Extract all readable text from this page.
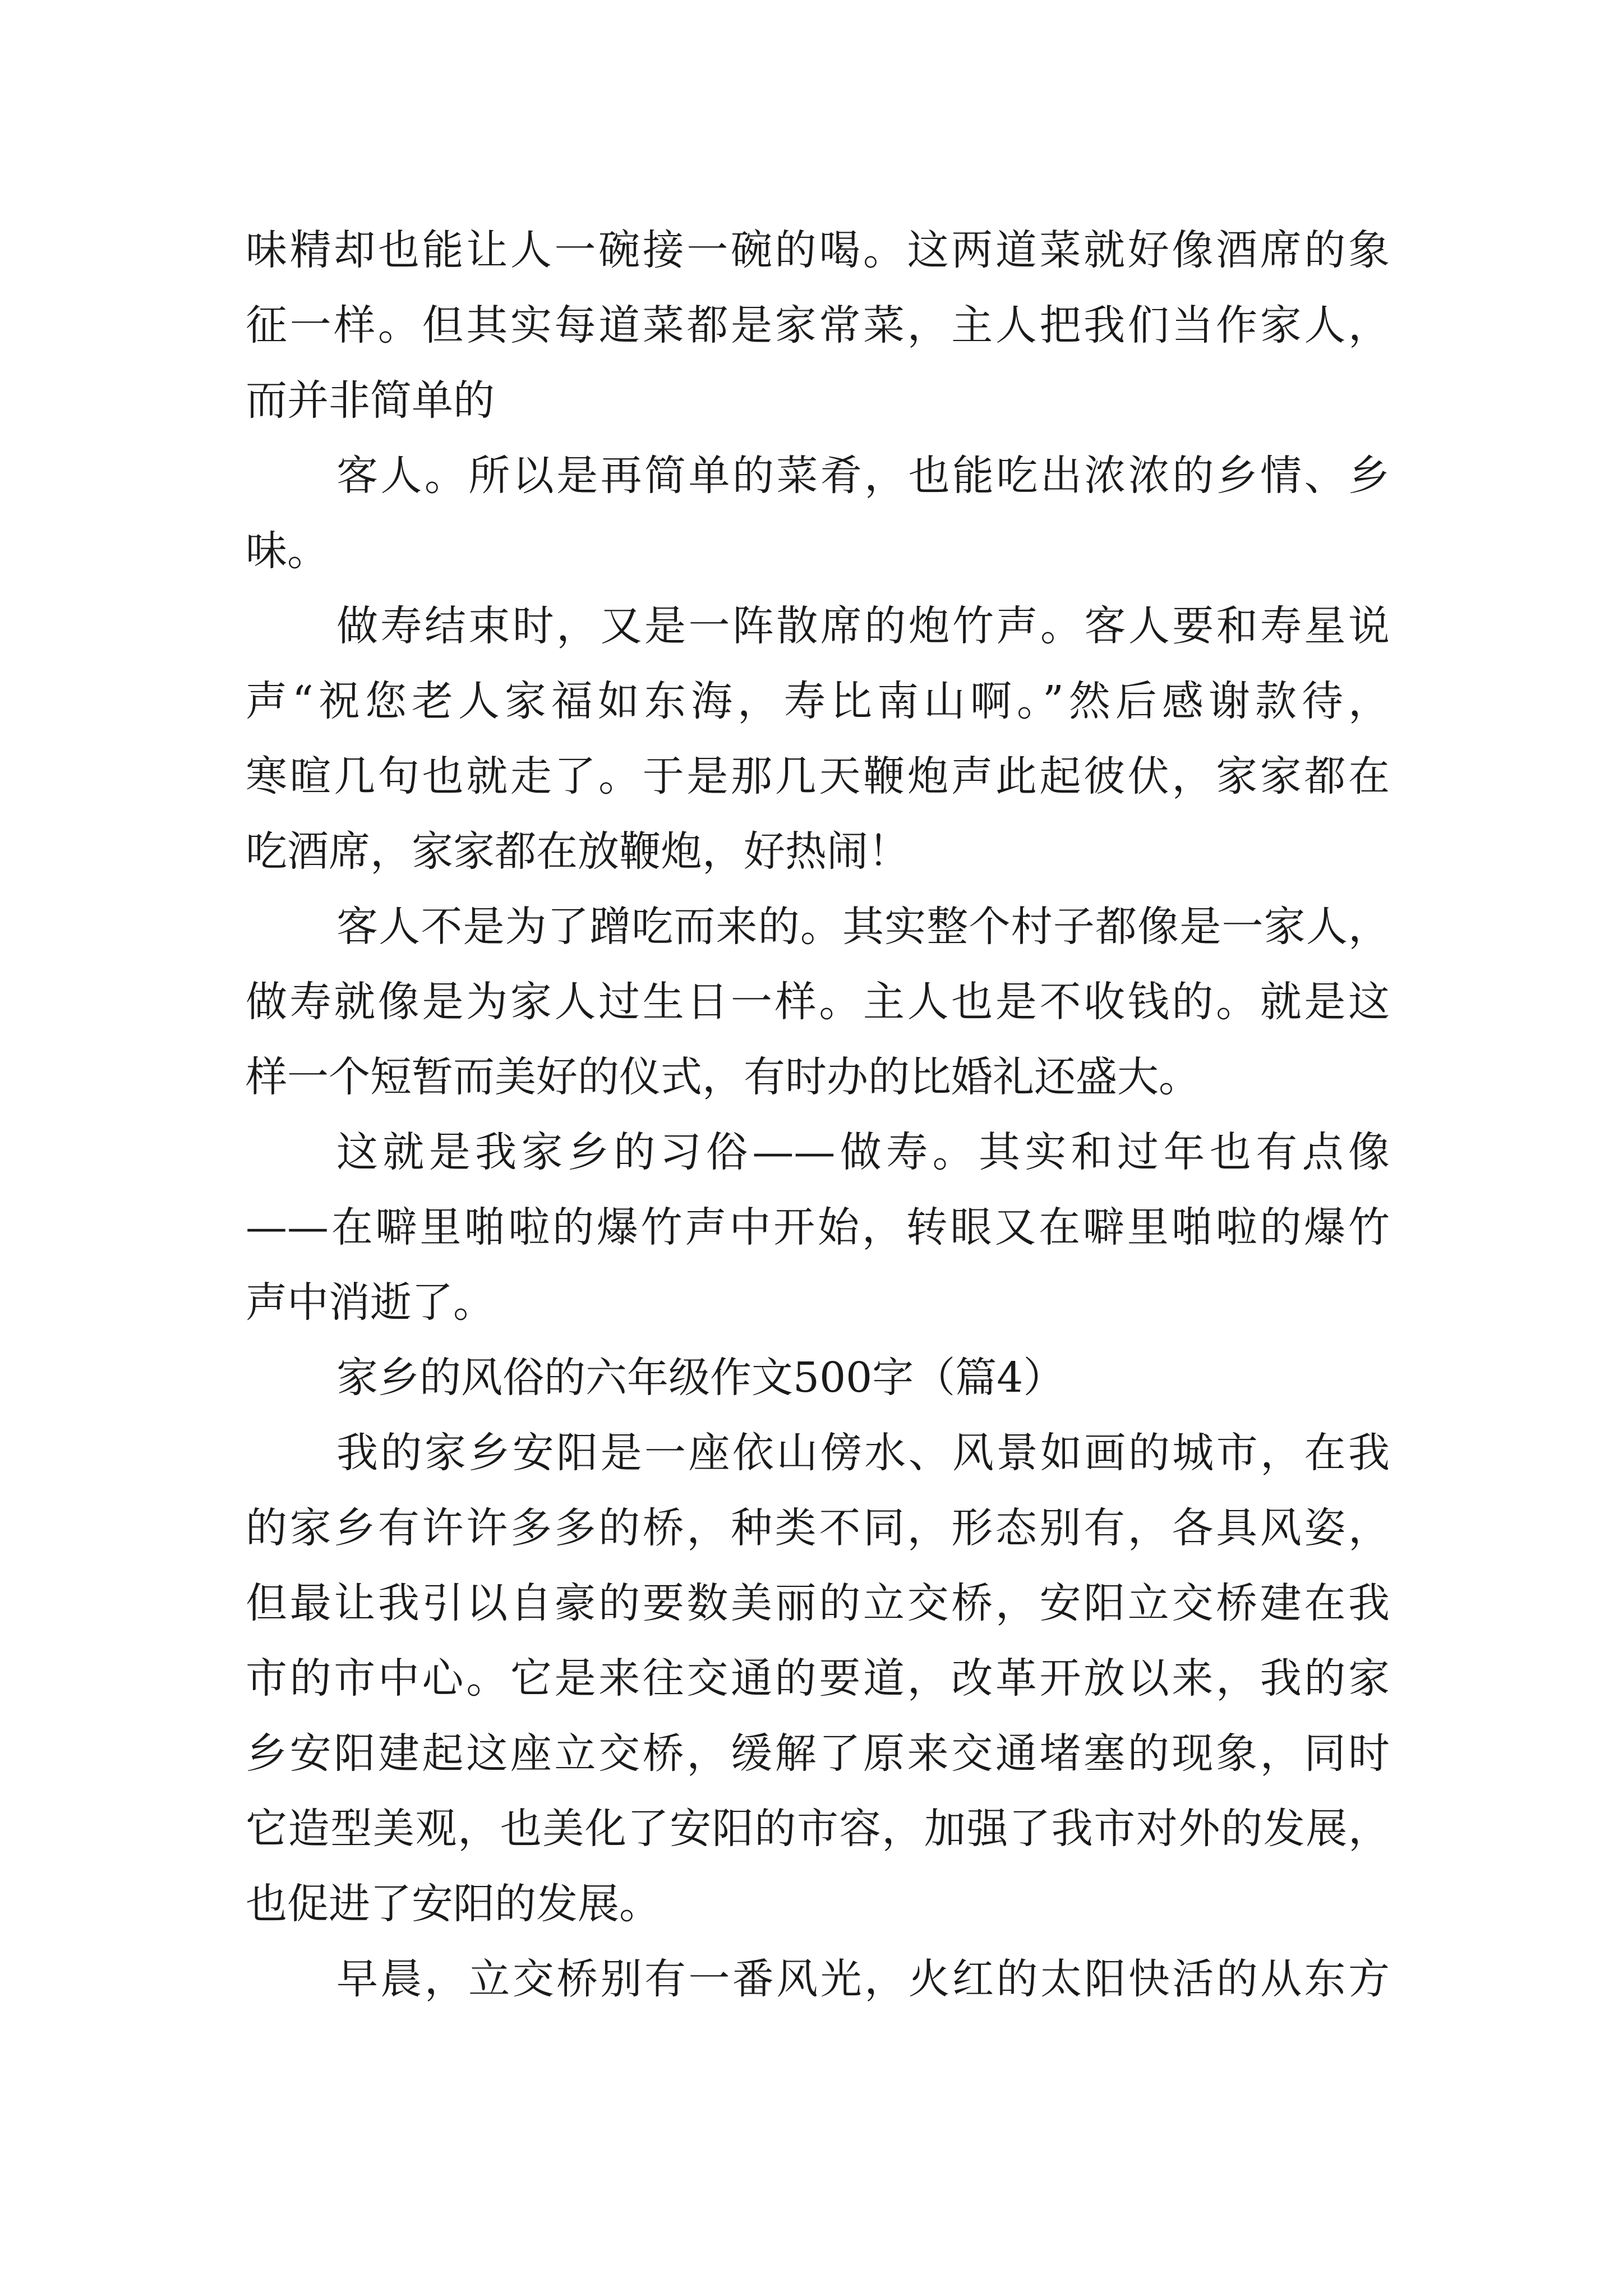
味精却也能让人一碗接一碗的喝。这两道菜就好像酒席的象
征一样。但其实每道菜都是家常菜，主人把我们当作家人，
而并非简单的
客人。所以是再简单的菜肴，也能吃出浓浓的乡情、乡
味。
做寿结束时，又是一阵散席的炮竹声。客人要和寿星说
声“祝您老人家福如东海，寿比南山啊。”然后感谢款待，
寒暄几句也就走了。于是那几天鞭炮声此起彼伏，家家都在
吃酒席，家家都在放鞭炮，好热闹！
客人不是为了蹭吃而来的。其实整个村子都像是一家人，
做寿就像是为家人过生日一样。主人也是不收钱的。就是这
样一个短暂而美好的仪式，有时办的比婚礼还盛大。
这就是我家乡的习俗——做寿。其实和过年也有点像
——在噼里啪啦的爆竹声中开始，转眼又在噼里啪啦的爆竹
声中消逝了。
家乡的风俗的六年级作文500字（篇4）
我的家乡安阳是一座依山傍水、风景如画的城市，在我
的家乡有许许多多的桥，种类不同，形态别有，各具风姿，
但最让我引以自豪的要数美丽的立交桥，安阳立交桥建在我
市的市中心。它是来往交通的要道，改革开放以来，我的家
乡安阳建起这座立交桥，缓解了原来交通堵塞的现象，同时
它造型美观，也美化了安阳的市容，加强了我市对外的发展，
也促进了安阳的发展。
早晨，立交桥别有一番风光，火红的太阳快活的从东方
